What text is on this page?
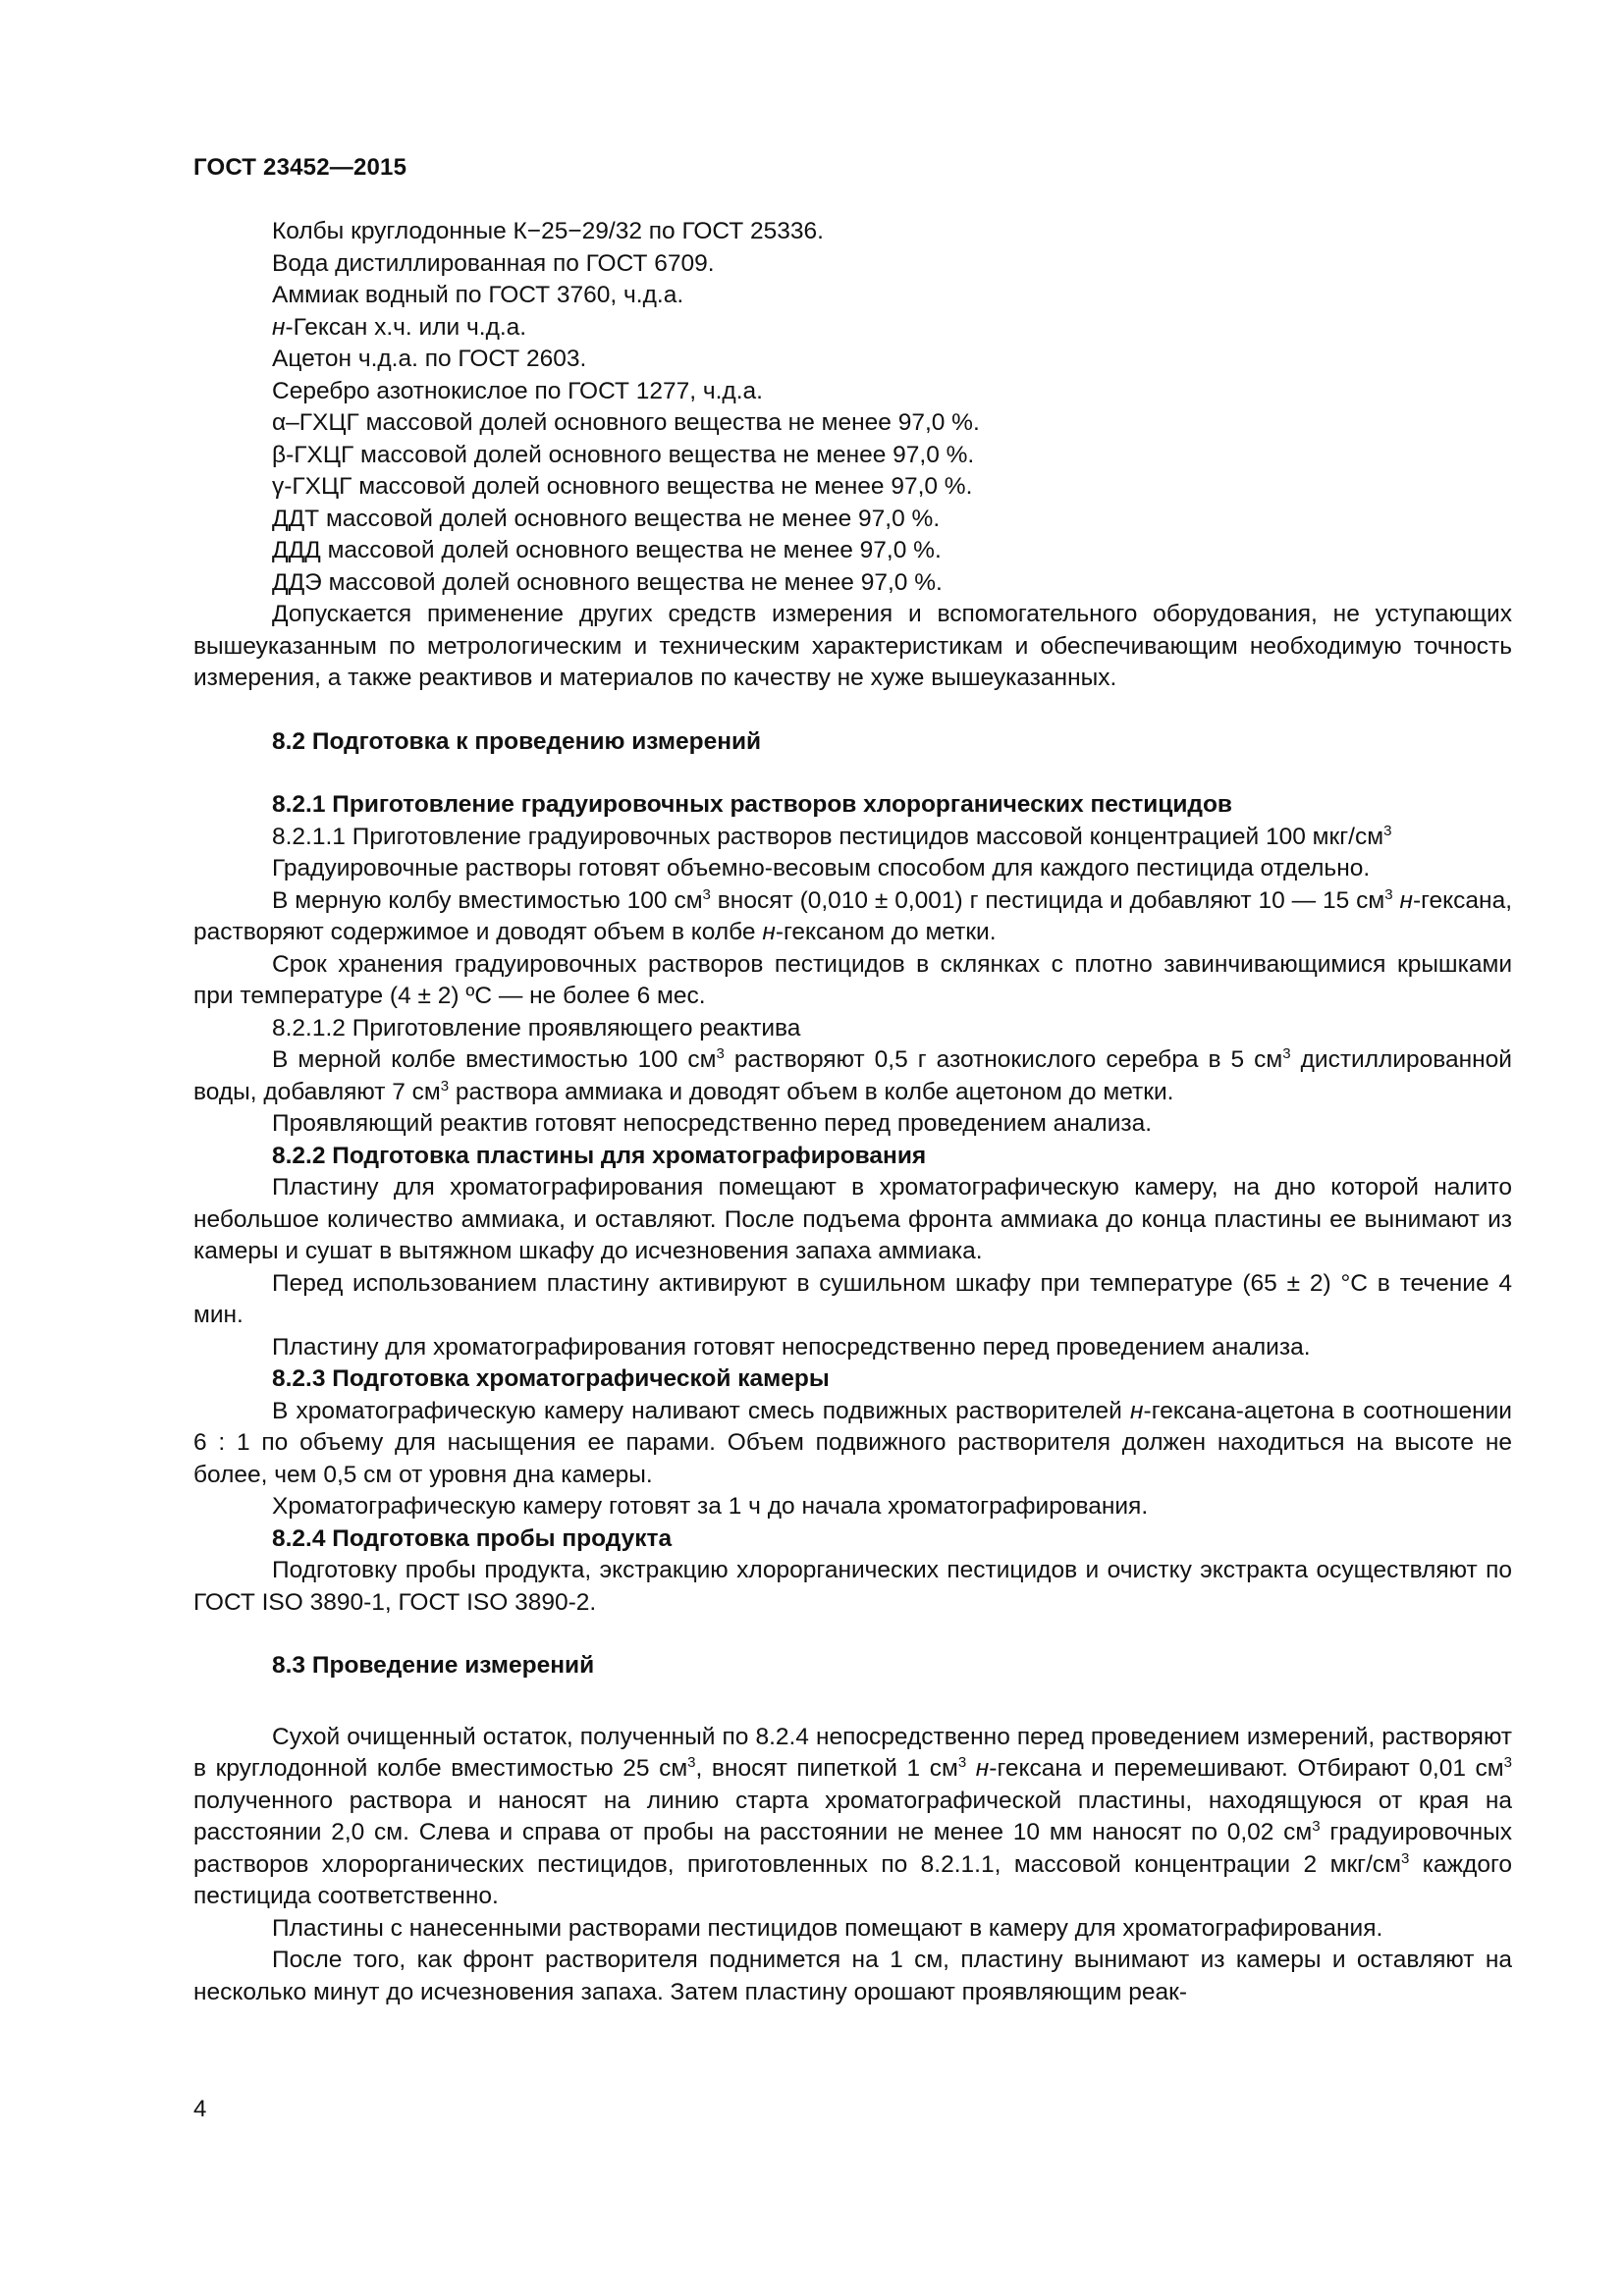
ГОСТ 23452—2015

Колбы круглодонные К−25−29/32 по ГОСТ 25336.

Вода дистиллированная по ГОСТ 6709.

Аммиак водный по ГОСТ 3760, ч.д.а.

н-Гексан х.ч. или ч.д.а.

Ацетон ч.д.а. по ГОСТ 2603.

Серебро азотнокислое по ГОСТ 1277, ч.д.а.

α–ГХЦГ массовой долей основного вещества не менее 97,0 %.

β-ГХЦГ массовой долей основного вещества не менее 97,0 %.

γ-ГХЦГ массовой долей основного вещества не менее 97,0 %.

ДДТ массовой долей основного вещества не менее 97,0 %.

ДДД массовой долей основного вещества не менее 97,0 %.

ДДЭ массовой долей основного вещества не менее 97,0 %.

Допускается применение других средств измерения и вспомогательного оборудования, не уступающих вышеуказанным по метрологическим и техническим характеристикам и обеспечивающим необходимую точность измерения, а также реактивов и материалов по качеству не хуже вышеуказанных.

8.2 Подготовка к проведению измерений

8.2.1 Приготовление градуировочных растворов хлорорганических пестицидов

8.2.1.1 Приготовление градуировочных растворов пестицидов массовой концентрацией 100 мкг/$см^3$

Градуировочные растворы готовят объемно-весовым способом для каждого пестицида отдельно.

В мерную колбу вместимостью 100 $см^3$ вносят (0,010 ± 0,001) г пестицида и добавляют 10 — 15 $см^3$ н-гексана, растворяют содержимое и доводят объем в колбе н-гексаном до метки.

Срок хранения градуировочных растворов пестицидов в склянках с плотно завинчивающимися крышками при температуре (4 ± 2) ºС — не более 6 мес.

8.2.1.2 Приготовление проявляющего реактива

В мерной колбе вместимостью 100 $см^3$ растворяют 0,5 г азотнокислого серебра в 5 $см^3$ дистиллированной воды, добавляют 7 $см^3$ раствора аммиака и доводят объем в колбе ацетоном до метки.

Проявляющий реактив готовят непосредственно перед проведением анализа.

8.2.2 Подготовка пластины для хроматографирования

Пластину для хроматографирования помещают в хроматографическую камеру, на дно которой налито небольшое количество аммиака, и оставляют. После подъема фронта аммиака до конца пластины ее вынимают из камеры и сушат в вытяжном шкафу до исчезновения запаха аммиака.

Перед использованием пластину активируют в сушильном шкафу при температуре (65 ± 2) °С в течение 4 мин.

Пластину для хроматографирования готовят непосредственно перед проведением анализа.

8.2.3 Подготовка хроматографической камеры

В хроматографическую камеру наливают смесь подвижных растворителей н-гексана-ацетона в соотношении 6 : 1 по объему для насыщения ее парами. Объем подвижного растворителя должен находиться на высоте не более, чем 0,5 см от уровня дна камеры.

Хроматографическую камеру готовят за 1 ч до начала хроматографирования.

8.2.4 Подготовка пробы продукта

Подготовку пробы продукта, экстракцию хлорорганических пестицидов и очистку экстракта осуществляют по ГОСТ ISO 3890-1, ГОСТ ISO 3890-2.

8.3 Проведение измерений

Сухой очищенный остаток, полученный по 8.2.4 непосредственно перед проведением измерений, растворяют в круглодонной колбе вместимостью 25 $см^3$, вносят пипеткой 1 $см^3$ н-гексана и перемешивают. Отбирают 0,01 $см^3$ полученного раствора и наносят на линию старта хроматографической пластины, находящуюся от края на расстоянии 2,0 см. Слева и справа от пробы на расстоянии не менее 10 мм наносят по 0,02 $см^3$ градуировочных растворов хлорорганических пестицидов, приготовленных по 8.2.1.1, массовой концентрации 2 мкг/$см^3$ каждого пестицида соответственно.

Пластины с нанесенными растворами пестицидов помещают в камеру для хроматографирования.

После того, как фронт растворителя поднимется на 1 см, пластину вынимают из камеры и оставляют на несколько минут до исчезновения запаха. Затем пластину орошают проявляющим реак-

4
